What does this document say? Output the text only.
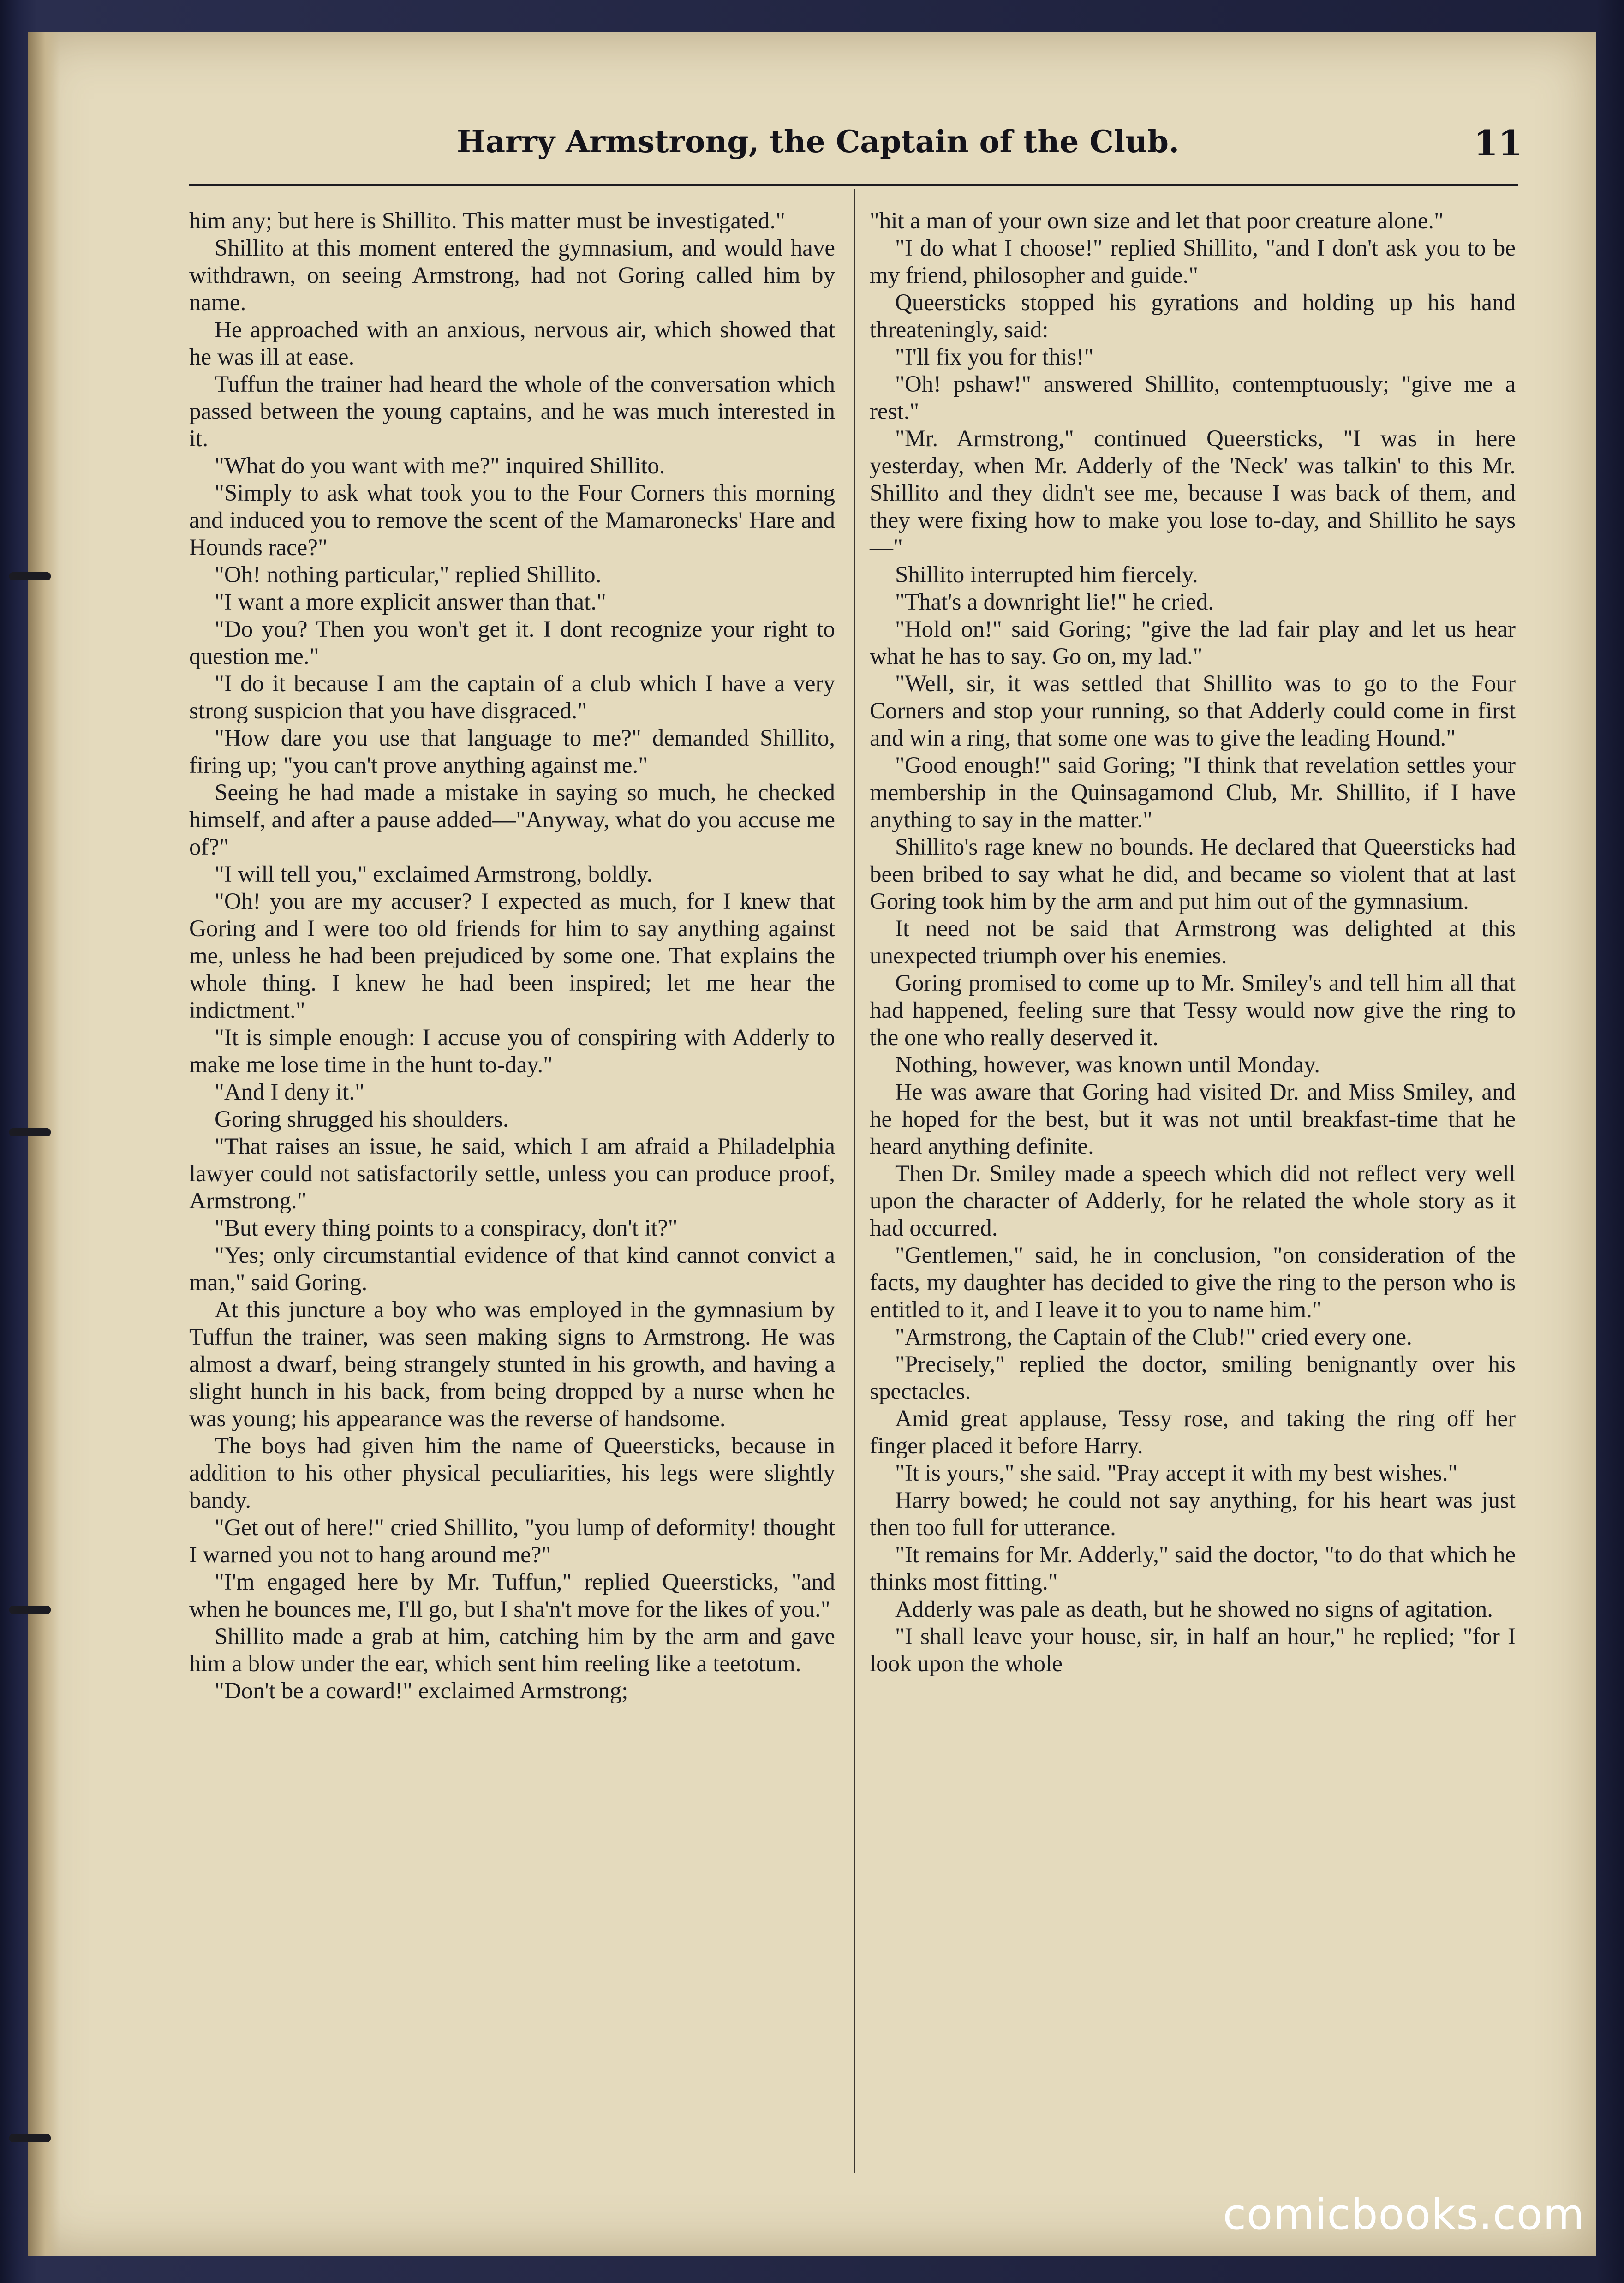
Harry Armstrong, the Captain of the Club.	11

him any; but here is Shillito. This matter must be investigated."

Shillito at this moment entered the gymnasium, and would have withdrawn, on seeing Armstrong, had not Goring called him by name.

He approached with an anxious, nervous air, which showed that he was ill at ease.

Tuffun the trainer had heard the whole of the conversation which passed between the young captains, and he was much interested in it.

"What do you want with me?" inquired Shillito.

"Simply to ask what took you to the Four Corners this morning and induced you to remove the scent of the Mamaronecks' Hare and Hounds race?"

"Oh! nothing particular," replied Shillito.

"I want a more explicit answer than that."

"Do you? Then you won't get it. I dont recognize your right to question me."

"I do it because I am the captain of a club which I have a very strong suspicion that you have disgraced."

"How dare you use that language to me?" demanded Shillito, firing up; "you can't prove anything against me."

Seeing he had made a mistake in saying so much, he checked himself, and after a pause added—"Anyway, what do you accuse me of?"

"I will tell you," exclaimed Armstrong, boldly.

"Oh! you are my accuser? I expected as much, for I knew that Goring and I were too old friends for him to say anything against me, unless he had been prejudiced by some one. That explains the whole thing. I knew he had been inspired; let me hear the indictment."

"It is simple enough: I accuse you of conspiring with Adderly to make me lose time in the hunt to-day."

"And I deny it."

Goring shrugged his shoulders.

"That raises an issue, he said, which I am afraid a Philadelphia lawyer could not satisfactorily settle, unless you can produce proof, Armstrong."

"But every thing points to a conspiracy, don't it?"

"Yes; only circumstantial evidence of that kind cannot convict a man," said Goring.

At this juncture a boy who was employed in the gymnasium by Tuffun the trainer, was seen making signs to Armstrong. He was almost a dwarf, being strangely stunted in his growth, and having a slight hunch in his back, from being dropped by a nurse when he was young; his appearance was the reverse of handsome.

The boys had given him the name of Queersticks, because in addition to his other physical peculiarities, his legs were slightly bandy.

"Get out of here!" cried Shillito, "you lump of deformity! thought I warned you not to hang around me?"

"I'm engaged here by Mr. Tuffun," replied Queersticks, "and when he bounces me, I'll go, but I sha'n't move for the likes of you."

Shillito made a grab at him, catching him by the arm and gave him a blow under the ear, which sent him reeling like a teetotum.

"Don't be a coward!" exclaimed Armstrong;

"hit a man of your own size and let that poor creature alone."

"I do what I choose!" replied Shillito, "and I don't ask you to be my friend, philosopher and guide."

Queersticks stopped his gyrations and holding up his hand threateningly, said:

"I'll fix you for this!"

"Oh! pshaw!" answered Shillito, contemptuously; "give me a rest."

"Mr. Armstrong," continued Queersticks, "I was in here yesterday, when Mr. Adderly of the 'Neck' was talkin' to this Mr. Shillito and they didn't see me, because I was back of them, and they were fixing how to make you lose to-day, and Shillito he says—"

Shillito interrupted him fiercely.

"That's a downright lie!" he cried.

"Hold on!" said Goring; "give the lad fair play and let us hear what he has to say. Go on, my lad."

"Well, sir, it was settled that Shillito was to go to the Four Corners and stop your running, so that Adderly could come in first and win a ring, that some one was to give the leading Hound."

"Good enough!" said Goring; "I think that revelation settles your membership in the Quinsagamond Club, Mr. Shillito, if I have anything to say in the matter."

Shillito's rage knew no bounds. He declared that Queersticks had been bribed to say what he did, and became so violent that at last Goring took him by the arm and put him out of the gymnasium.

It need not be said that Armstrong was delighted at this unexpected triumph over his enemies.

Goring promised to come up to Mr. Smiley's and tell him all that had happened, feeling sure that Tessy would now give the ring to the one who really deserved it.

Nothing, however, was known until Monday.

He was aware that Goring had visited Dr. and Miss Smiley, and he hoped for the best, but it was not until breakfast-time that he heard anything definite.

Then Dr. Smiley made a speech which did not reflect very well upon the character of Adderly, for he related the whole story as it had occurred.

"Gentlemen," said, he in conclusion, "on consideration of the facts, my daughter has decided to give the ring to the person who is entitled to it, and I leave it to you to name him."

"Armstrong, the Captain of the Club!" cried every one.

"Precisely," replied the doctor, smiling benignantly over his spectacles.

Amid great applause, Tessy rose, and taking the ring off her finger placed it before Harry.

"It is yours," she said. "Pray accept it with my best wishes."

Harry bowed; he could not say anything, for his heart was just then too full for utterance.

"It remains for Mr. Adderly," said the doctor, "to do that which he thinks most fitting."

Adderly was pale as death, but he showed no signs of agitation.

"I shall leave your house, sir, in half an hour," he replied; "for I look upon the whole

comicbooks.com
